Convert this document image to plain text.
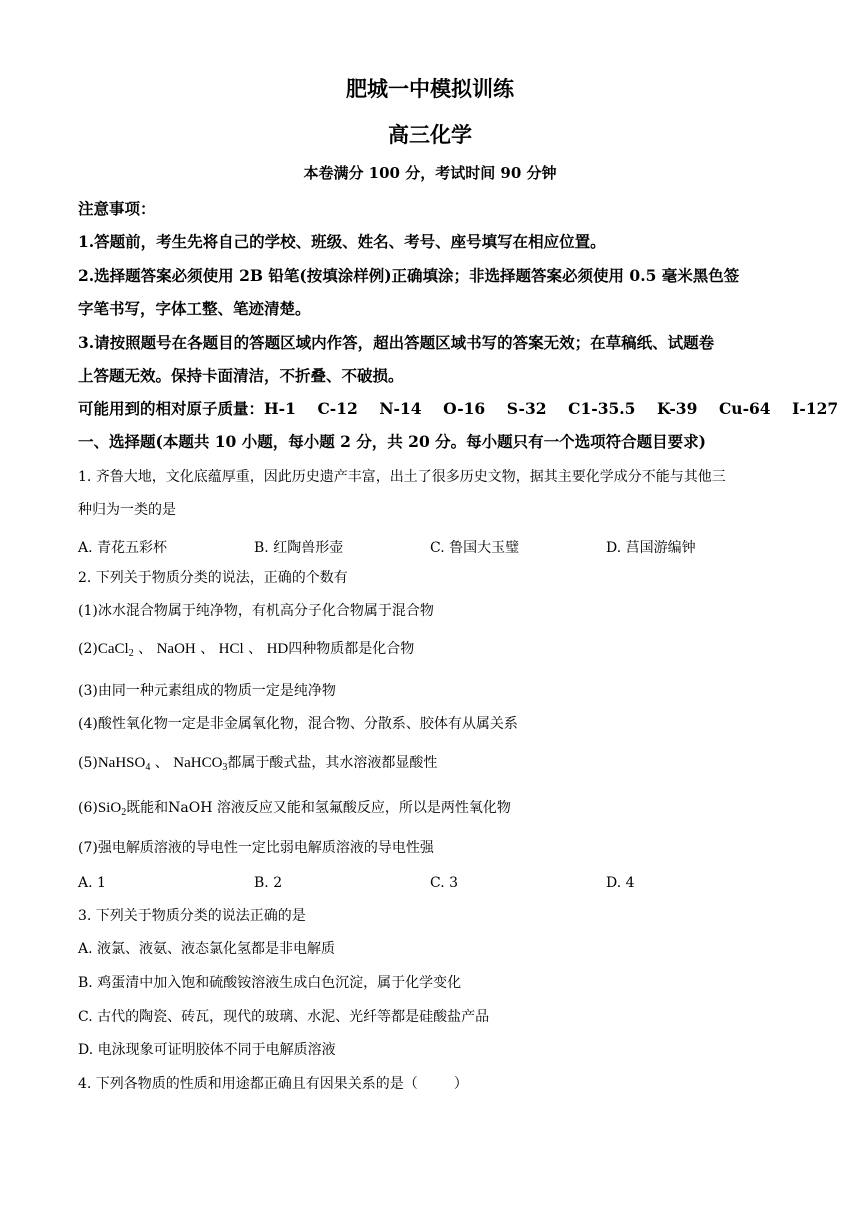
肥城一中模拟训练
高三化学
本卷满分 100 分，考试时间 90 分钟
注意事项：
1.答题前，考生先将自己的学校、班级、姓名、考号、座号填写在相应位置。
2.选择题答案必须使用 2B 铅笔(按填涂样例)正确填涂；非选择题答案必须使用 0.5 毫米黑色签
字笔书写，字体工整、笔迹清楚。
3.请按照题号在各题目的答题区域内作答，超出答题区域书写的答案无效；在草稿纸、试题卷
上答题无效。保持卡面清洁，不折叠、不破损。
可能用到的相对原子质量：H-1    C-12    N-14    O-16    S-32    C1-35.5    K-39    Cu-64    I-127
一、选择题(本题共 10 小题，每小题 2 分，共 20 分。每小题只有一个选项符合题目要求)
1. 齐鲁大地，文化底蕴厚重，因此历史遗产丰富，出土了很多历史文物，据其主要化学成分不能与其他三
种归为一类的是
A. 青花五彩杯	B. 红陶兽形壶	C. 鲁国大玉璧	D. 莒国游编钟
2. 下列关于物质分类的说法，正确的个数有
(1)冰水混合物属于纯净物，有机高分子化合物属于混合物
(2)CaCl$_2$ 、 NaOH 、 HCl 、 HD四种物质都是化合物
(3)由同一种元素组成的物质一定是纯净物
(4)酸性氧化物一定是非金属氧化物，混合物、分散系、胶体有从属关系
(5)NaHSO$_4$ 、 NaHCO$_3$都属于酸式盐，其水溶液都显酸性
(6)SiO$_2$既能和NaOH 溶液反应又能和氢氟酸反应，所以是两性氧化物
(7)强电解质溶液的导电性一定比弱电解质溶液的导电性强
A. 1	B. 2	C. 3	D. 4
3. 下列关于物质分类的说法正确的是
A. 液氯、液氨、液态氯化氢都是非电解质
B. 鸡蛋清中加入饱和硫酸铵溶液生成白色沉淀，属于化学变化
C. 古代的陶瓷、砖瓦，现代的玻璃、水泥、光纤等都是硅酸盐产品
D. 电泳现象可证明胶体不同于电解质溶液
4. 下列各物质的性质和用途都正确且有因果关系的是（	）
